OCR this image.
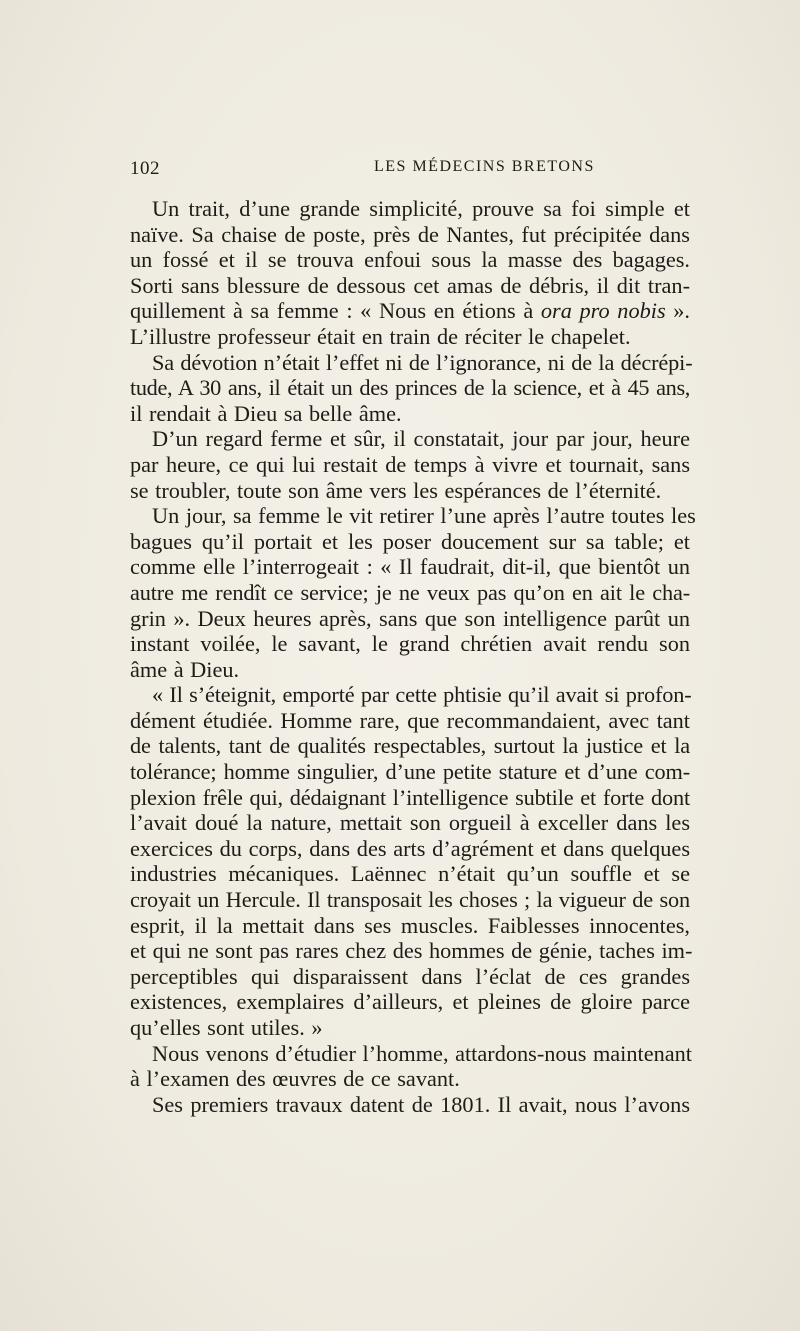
102	LES MÉDECINS BRETONS
Un trait, d’une grande simplicité, prouve sa foi simple et
naïve. Sa chaise de poste, près de Nantes, fut précipitée dans
un fossé et il se trouva enfoui sous la masse des bagages.
Sorti sans blessure de dessous cet amas de débris, il dit tran-
quillement à sa femme : « Nous en étions à ora pro nobis ».
L’illustre professeur était en train de réciter le chapelet.
Sa dévotion n’était l’effet ni de l’ignorance, ni de la décrépi-
tude, A 30 ans, il était un des princes de la science, et à 45 ans,
il rendait à Dieu sa belle âme.
D’un regard ferme et sûr, il constatait, jour par jour, heure
par heure, ce qui lui restait de temps à vivre et tournait, sans
se troubler, toute son âme vers les espérances de l’éternité.
Un jour, sa femme le vit retirer l’une après l’autre toutes les
bagues qu’il portait et les poser doucement sur sa table; et
comme elle l’interrogeait : « Il faudrait, dit-il, que bientôt un
autre me rendît ce service; je ne veux pas qu’on en ait le cha-
grin ». Deux heures après, sans que son intelligence parût un
instant voilée, le savant, le grand chrétien avait rendu son
âme à Dieu.
« Il s’éteignit, emporté par cette phtisie qu’il avait si profon-
dément étudiée. Homme rare, que recommandaient, avec tant
de talents, tant de qualités respectables, surtout la justice et la
tolérance; homme singulier, d’une petite stature et d’une com-
plexion frêle qui, dédaignant l’intelligence subtile et forte dont
l’avait doué la nature, mettait son orgueil à exceller dans les
exercices du corps, dans des arts d’agrément et dans quelques
industries mécaniques. Laënnec n’était qu’un souffle et se
croyait un Hercule. Il transposait les choses ; la vigueur de son
esprit, il la mettait dans ses muscles. Faiblesses innocentes,
et qui ne sont pas rares chez des hommes de génie, taches im-
perceptibles qui disparaissent dans l’éclat de ces grandes
existences, exemplaires d’ailleurs, et pleines de gloire parce
qu’elles sont utiles. »
Nous venons d’étudier l’homme, attardons-nous maintenant
à l’examen des œuvres de ce savant.
Ses premiers travaux datent de 1801. Il avait, nous l’avons
